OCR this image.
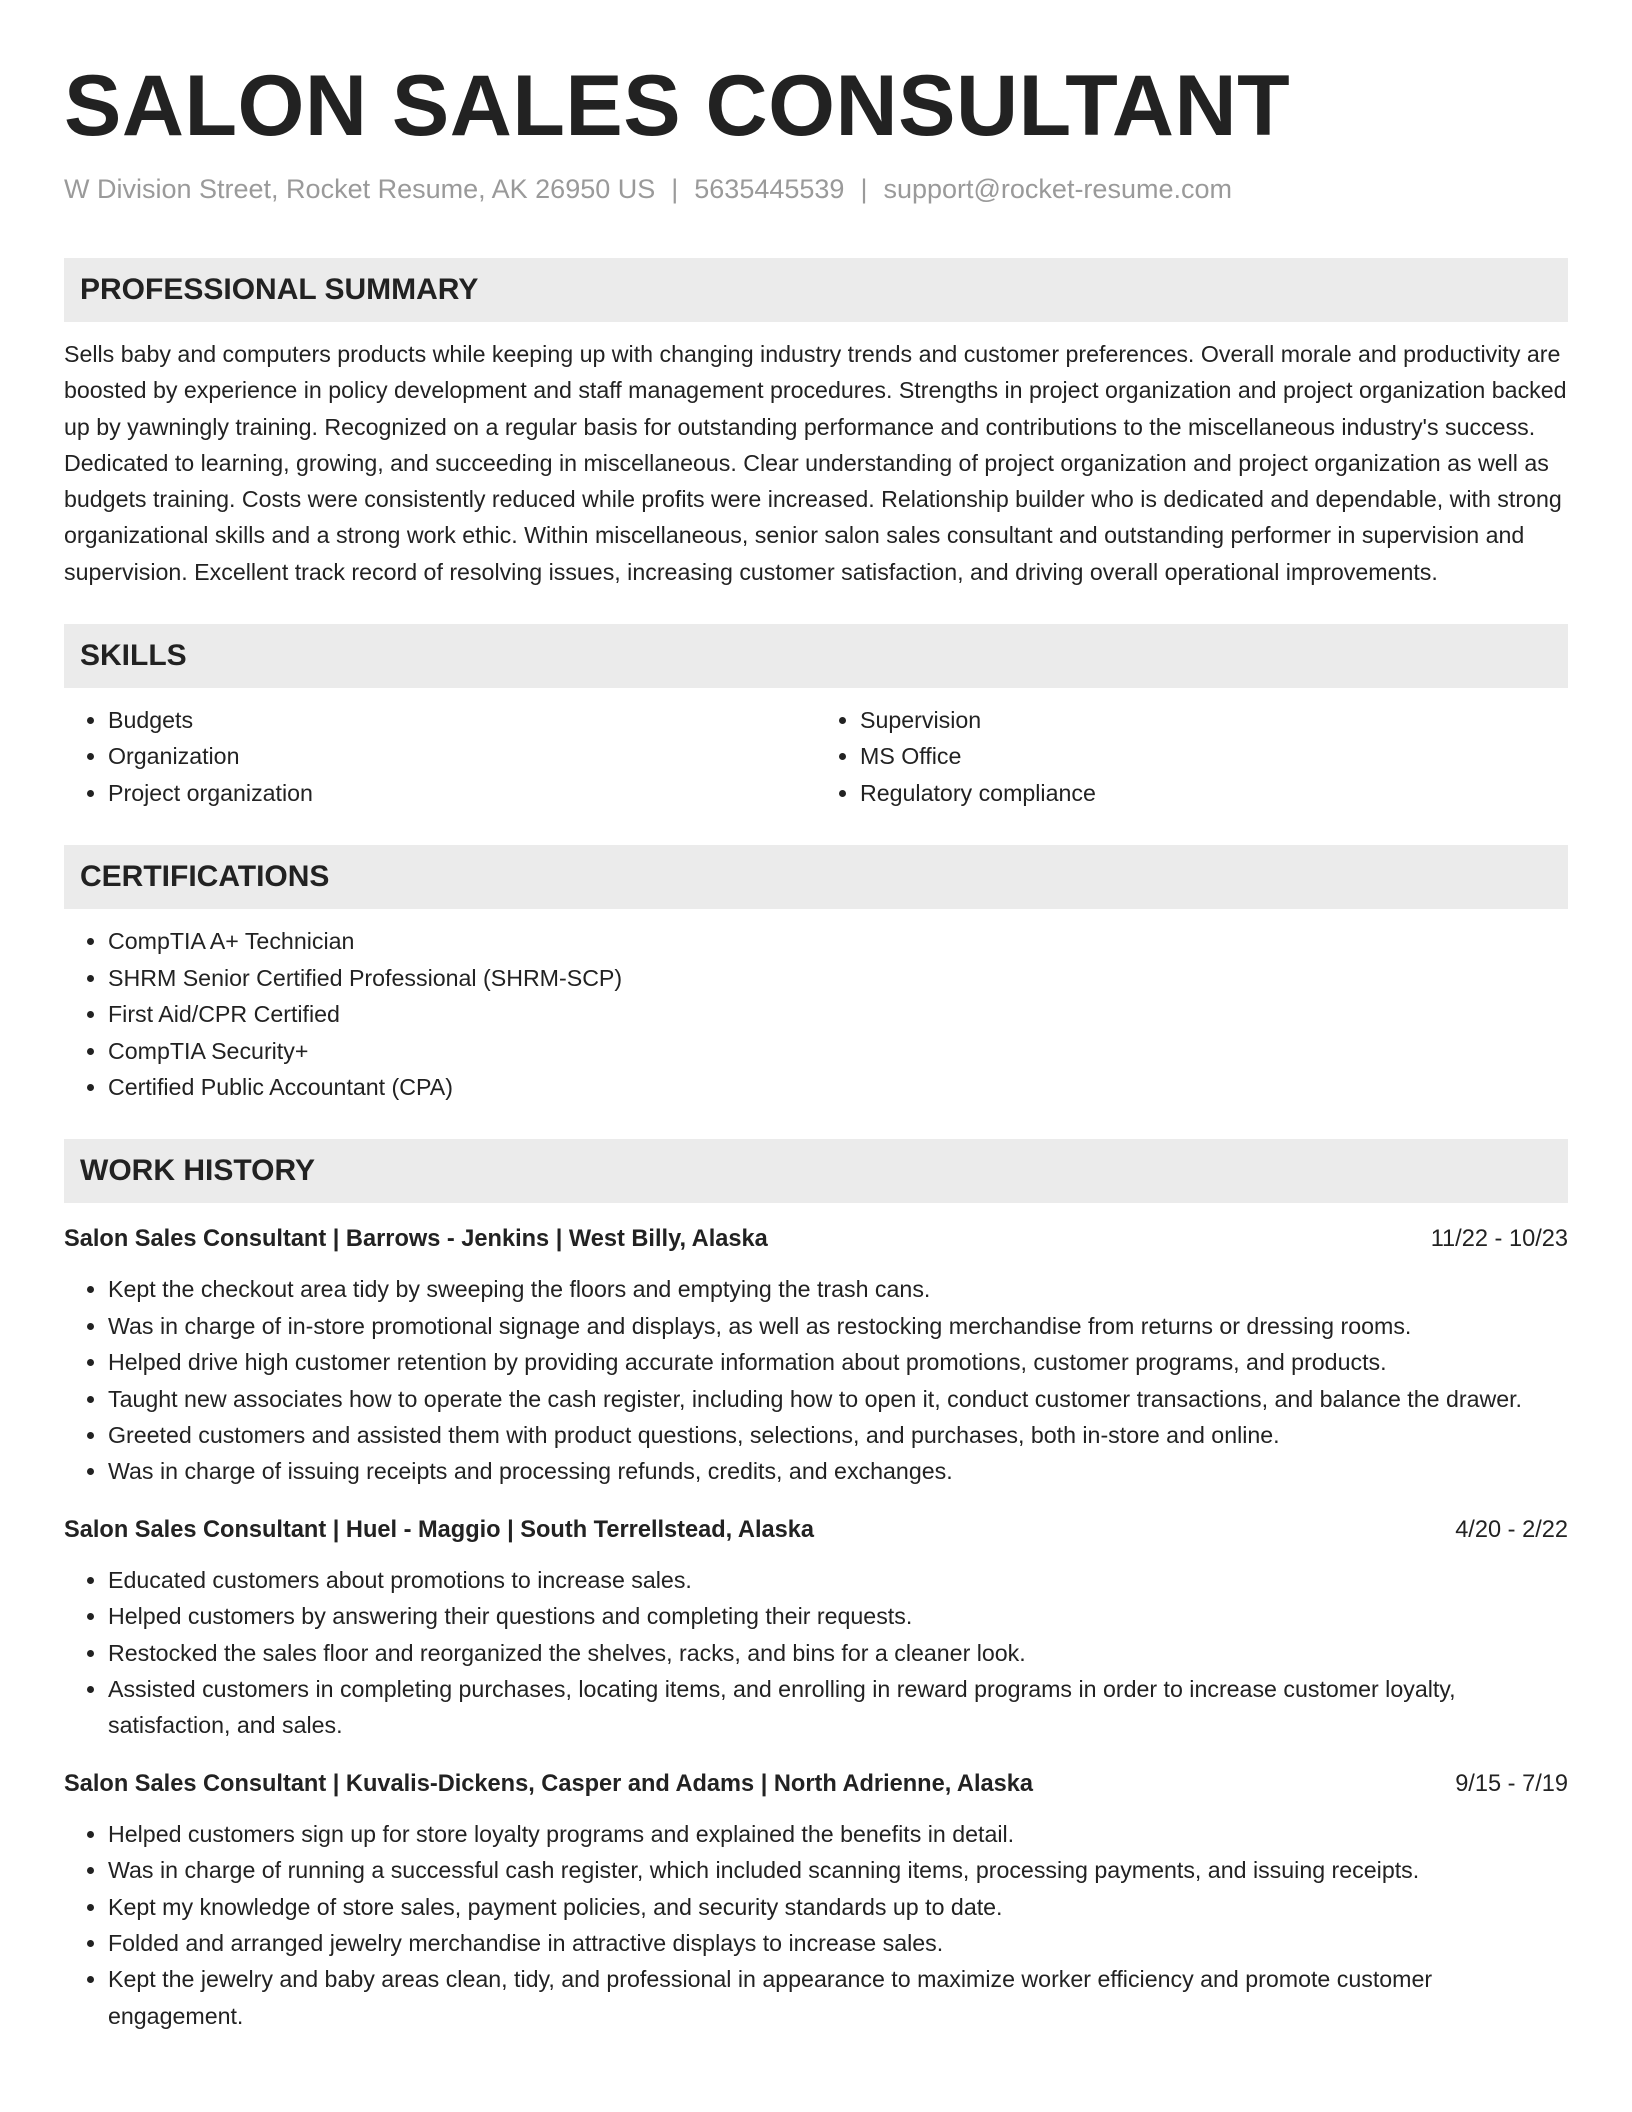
SALON SALES CONSULTANT
W Division Street, Rocket Resume, AK 26950 US | 5635445539 | support@rocket-resume.com
PROFESSIONAL SUMMARY
Sells baby and computers products while keeping up with changing industry trends and customer preferences. Overall morale and productivity are boosted by experience in policy development and staff management procedures. Strengths in project organization and project organization backed up by yawningly training. Recognized on a regular basis for outstanding performance and contributions to the miscellaneous industry's success. Dedicated to learning, growing, and succeeding in miscellaneous. Clear understanding of project organization and project organization as well as budgets training. Costs were consistently reduced while profits were increased. Relationship builder who is dedicated and dependable, with strong organizational skills and a strong work ethic. Within miscellaneous, senior salon sales consultant and outstanding performer in supervision and supervision. Excellent track record of resolving issues, increasing customer satisfaction, and driving overall operational improvements.
SKILLS
• Budgets
• Organization
• Project organization
• Supervision
• MS Office
• Regulatory compliance
CERTIFICATIONS
• CompTIA A+ Technician
• SHRM Senior Certified Professional (SHRM-SCP)
• First Aid/CPR Certified
• CompTIA Security+
• Certified Public Accountant (CPA)
WORK HISTORY
Salon Sales Consultant | Barrows - Jenkins | West Billy, Alaska	11/22 - 10/23
• Kept the checkout area tidy by sweeping the floors and emptying the trash cans.
• Was in charge of in-store promotional signage and displays, as well as restocking merchandise from returns or dressing rooms.
• Helped drive high customer retention by providing accurate information about promotions, customer programs, and products.
• Taught new associates how to operate the cash register, including how to open it, conduct customer transactions, and balance the drawer.
• Greeted customers and assisted them with product questions, selections, and purchases, both in-store and online.
• Was in charge of issuing receipts and processing refunds, credits, and exchanges.
Salon Sales Consultant | Huel - Maggio | South Terrellstead, Alaska	4/20 - 2/22
• Educated customers about promotions to increase sales.
• Helped customers by answering their questions and completing their requests.
• Restocked the sales floor and reorganized the shelves, racks, and bins for a cleaner look.
• Assisted customers in completing purchases, locating items, and enrolling in reward programs in order to increase customer loyalty, satisfaction, and sales.
Salon Sales Consultant | Kuvalis-Dickens, Casper and Adams | North Adrienne, Alaska	9/15 - 7/19
• Helped customers sign up for store loyalty programs and explained the benefits in detail.
• Was in charge of running a successful cash register, which included scanning items, processing payments, and issuing receipts.
• Kept my knowledge of store sales, payment policies, and security standards up to date.
• Folded and arranged jewelry merchandise in attractive displays to increase sales.
• Kept the jewelry and baby areas clean, tidy, and professional in appearance to maximize worker efficiency and promote customer engagement.
